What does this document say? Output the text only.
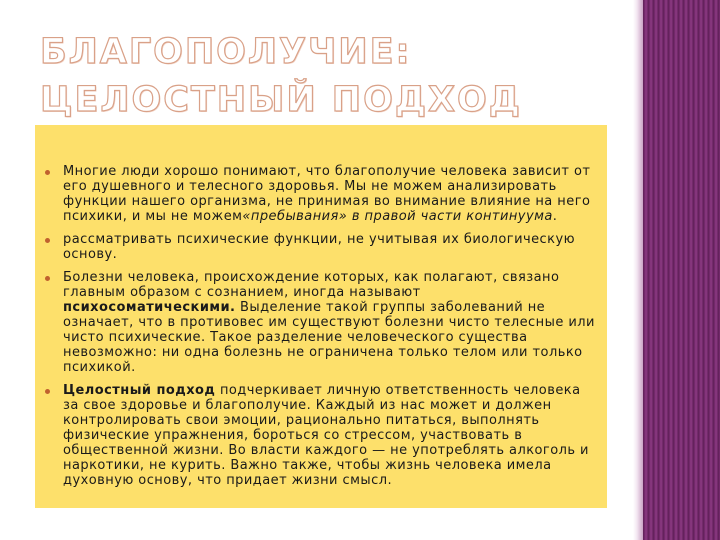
БЛАГОПОЛУЧИЕ: ЦЕЛОСТНЫЙ ПОДХОД
Многие люди хорошо понимают, что благополучие человека зависит от его душевного и телесного здоровья. Мы не можем анализировать функции нашего организма, не принимая во внимание влияние на него психики, и мы не можем«пребывания» в правой части континуума.
рассматривать психические функции, не учитывая их биологическую основу.
Болезни человека, происхождение которых, как полагают, связано главным образом с сознанием, иногда называют психосоматическими. Выделение такой группы заболеваний не означает, что в противовес им существуют болезни чисто телесные или чисто психические. Такое разделение человеческого существа невозможно: ни одна болезнь не ограничена только телом или только психикой.
Целостный подход подчеркивает личную ответственность человека за свое здоровье и благополучие. Каждый из нас может и должен контролировать свои эмоции, рационально питаться, выполнять физические упражнения, бороться со стрессом, участвовать в общественной жизни. Во власти каждого — не употреблять алкоголь и наркотики, не курить. Важно также, чтобы жизнь человека имела духовную основу, что придает жизни смысл.
